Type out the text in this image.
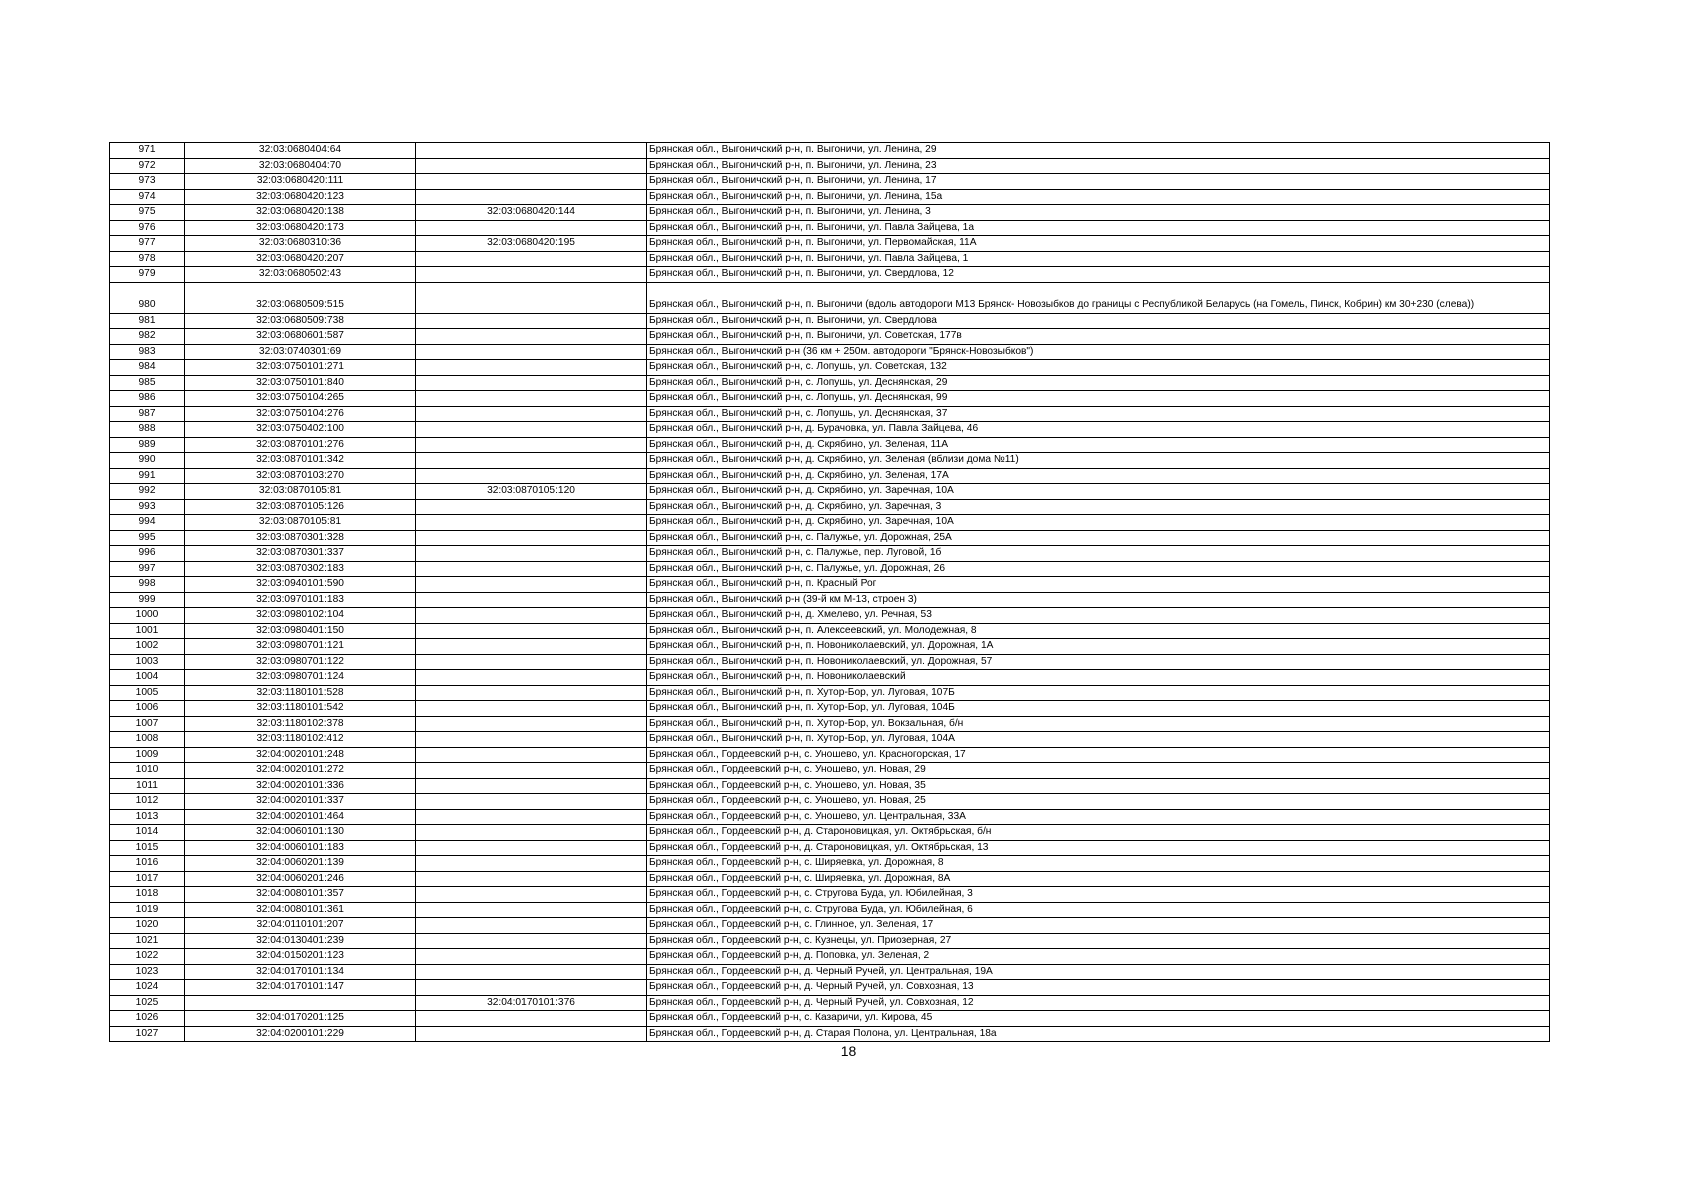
971	32:03:0680404:64		Брянская обл., Выгоничский р-н, п. Выгоничи, ул. Ленина, 29
972	32:03:0680404:70		Брянская обл., Выгоничский р-н, п. Выгоничи, ул. Ленина, 23
973	32:03:0680420:111		Брянская обл., Выгоничский р-н, п. Выгоничи, ул. Ленина, 17
974	32:03:0680420:123		Брянская обл., Выгоничский р-н, п. Выгоничи, ул. Ленина, 15а
975	32:03:0680420:138	32:03:0680420:144	Брянская обл., Выгоничский р-н, п. Выгоничи, ул. Ленина, 3
976	32:03:0680420:173		Брянская обл., Выгоничский р-н, п. Выгоничи, ул. Павла Зайцева, 1а
977	32:03:0680310:36	32:03:0680420:195	Брянская обл., Выгоничский р-н, п. Выгоничи, ул. Первомайская, 11А
978	32:03:0680420:207		Брянская обл., Выгоничский р-н, п. Выгоничи, ул. Павла Зайцева, 1
979	32:03:0680502:43		Брянская обл., Выгоничский р-н, п. Выгоничи, ул. Свердлова, 12
980	32:03:0680509:515		Брянская обл., Выгоничский р-н, п. Выгоничи (вдоль автодороги М13 Брянск- Новозыбков до границы с Республикой Беларусь (на Гомель, Пинск, Кобрин) км 30+230 (слева))
981	32:03:0680509:738		Брянская обл., Выгоничский р-н, п. Выгоничи, ул. Свердлова
982	32:03:0680601:587		Брянская обл., Выгоничский р-н, п. Выгоничи, ул. Советская, 177в
983	32:03:0740301:69		Брянская обл., Выгоничский р-н (36 км + 250м. автодороги "Брянск-Новозыбков")
984	32:03:0750101:271		Брянская обл., Выгоничский р-н, с. Лопушь, ул. Советская, 132
985	32:03:0750101:840		Брянская обл., Выгоничский р-н, с. Лопушь, ул. Деснянская, 29
986	32:03:0750104:265		Брянская обл., Выгоничский р-н, с. Лопушь, ул. Деснянская, 99
987	32:03:0750104:276		Брянская обл., Выгоничский р-н, с. Лопушь, ул. Деснянская, 37
988	32:03:0750402:100		Брянская обл., Выгоничский р-н, д. Бурачовка, ул. Павла Зайцева, 46
989	32:03:0870101:276		Брянская обл., Выгоничский р-н, д. Скрябино, ул. Зеленая, 11А
990	32:03:0870101:342		Брянская обл., Выгоничский р-н, д. Скрябино, ул. Зеленая (вблизи дома №11)
991	32:03:0870103:270		Брянская обл., Выгоничский р-н, д. Скрябино, ул. Зеленая, 17А
992	32:03:0870105:81	32:03:0870105:120	Брянская обл., Выгоничский р-н, д. Скрябино, ул. Заречная, 10А
993	32:03:0870105:126		Брянская обл., Выгоничский р-н, д. Скрябино, ул. Заречная, 3
994	32:03:0870105:81		Брянская обл., Выгоничский р-н, д. Скрябино, ул. Заречная, 10А
995	32:03:0870301:328		Брянская обл., Выгоничский р-н, с. Палужье, ул. Дорожная, 25А
996	32:03:0870301:337		Брянская обл., Выгоничский р-н, с. Палужье, пер. Луговой, 1б
997	32:03:0870302:183		Брянская обл., Выгоничский р-н, с. Палужье, ул. Дорожная, 26
998	32:03:0940101:590		Брянская обл., Выгоничский р-н, п. Красный Рог
999	32:03:0970101:183		Брянская обл., Выгоничский р-н (39-й км М-13, строен 3)
1000	32:03:0980102:104		Брянская обл., Выгоничский р-н, д. Хмелево, ул. Речная, 53
1001	32:03:0980401:150		Брянская обл., Выгоничский р-н, п. Алексеевский, ул. Молодежная, 8
1002	32:03:0980701:121		Брянская обл., Выгоничский р-н, п. Новониколаевский, ул. Дорожная, 1А
1003	32:03:0980701:122		Брянская обл., Выгоничский р-н, п. Новониколаевский, ул. Дорожная, 57
1004	32:03:0980701:124		Брянская обл., Выгоничский р-н, п. Новониколаевский
1005	32:03:1180101:528		Брянская обл., Выгоничский р-н, п. Хутор-Бор, ул. Луговая, 107Б
1006	32:03:1180101:542		Брянская обл., Выгоничский р-н, п. Хутор-Бор, ул. Луговая, 104Б
1007	32:03:1180102:378		Брянская обл., Выгоничский р-н, п. Хутор-Бор, ул. Вокзальная, б/н
1008	32:03:1180102:412		Брянская обл., Выгоничский р-н, п. Хутор-Бор, ул. Луговая, 104А
1009	32:04:0020101:248		Брянская обл., Гордеевский р-н, с. Уношево, ул. Красногорская, 17
1010	32:04:0020101:272		Брянская обл., Гордеевский р-н, с. Уношево, ул. Новая, 29
1011	32:04:0020101:336		Брянская обл., Гордеевский р-н, с. Уношево, ул. Новая, 35
1012	32:04:0020101:337		Брянская обл., Гордеевский р-н, с. Уношево, ул. Новая, 25
1013	32:04:0020101:464		Брянская обл., Гордеевский р-н, с. Уношево, ул. Центральная, 33А
1014	32:04:0060101:130		Брянская обл., Гордеевский р-н, д. Староновицкая, ул. Октябрьская, б/н
1015	32:04:0060101:183		Брянская обл., Гордеевский р-н, д. Староновицкая, ул. Октябрьская, 13
1016	32:04:0060201:139		Брянская обл., Гордеевский р-н, с. Ширяевка, ул. Дорожная, 8
1017	32:04:0060201:246		Брянская обл., Гордеевский р-н, с. Ширяевка, ул. Дорожная, 8А
1018	32:04:0080101:357		Брянская обл., Гордеевский р-н, с. Стругова Буда, ул. Юбилейная, 3
1019	32:04:0080101:361		Брянская обл., Гордеевский р-н, с. Стругова Буда, ул. Юбилейная, 6
1020	32:04:0110101:207		Брянская обл., Гордеевский р-н, с. Глинное, ул. Зеленая, 17
1021	32:04:0130401:239		Брянская обл., Гордеевский р-н, с. Кузнецы, ул. Приозерная, 27
1022	32:04:0150201:123		Брянская обл., Гордеевский р-н, д. Поповка, ул. Зеленая, 2
1023	32:04:0170101:134		Брянская обл., Гордеевский р-н, д. Черный Ручей, ул. Центральная, 19А
1024	32:04:0170101:147		Брянская обл., Гордеевский р-н, д. Черный Ручей, ул. Совхозная, 13
1025		32:04:0170101:376	Брянская обл., Гордеевский р-н, д. Черный Ручей, ул. Совхозная, 12
1026	32:04:0170201:125		Брянская обл., Гордеевский р-н, с. Казаричи, ул. Кирова, 45
1027	32:04:0200101:229		Брянская обл., Гордеевский р-н, д. Старая Полона, ул. Центральная, 18а
18
